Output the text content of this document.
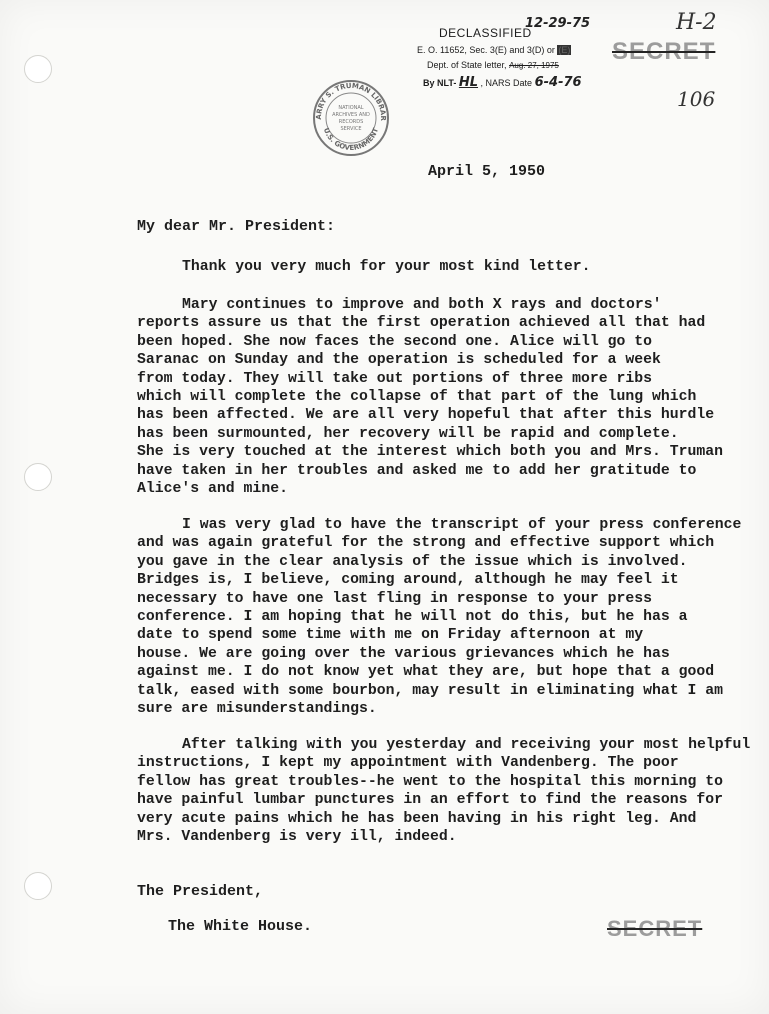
DECLASSIFIED
E. O. 11652, Sec. 3(E) and 3(D) or (E)
Dept. of State letter, Aug. 27, 1975
12-29-75
By NLT- HL , NARS Date 6-4-76
SECRET
H-2
106
ARRY S. TRUMAN LIBRAR
U.S. GOVERNMENT
NATIONAL
ARCHIVES AND
RECORDS
SERVICE
April 5, 1950
My dear Mr. President:

Thank you very much for your most kind letter.

Mary continues to improve and both X rays and doctors'

reports assure us that the first operation achieved all that had

been hoped. She now faces the second one. Alice will go to

Saranac on Sunday and the operation is scheduled for a week

from today. They will take out portions of three more ribs

which will complete the collapse of that part of the lung which

has been affected. We are all very hopeful that after this hurdle

has been surmounted, her recovery will be rapid and complete.

She is very touched at the interest which both you and Mrs. Truman

have taken in her troubles and asked me to add her gratitude to

Alice's and mine.

I was very glad to have the transcript of your press conference

and was again grateful for the strong and effective support which

you gave in the clear analysis of the issue which is involved.

Bridges is, I believe, coming around, although he may feel it

necessary to have one last fling in response to your press

conference. I am hoping that he will not do this, but he has a

date to spend some time with me on Friday afternoon at my

house. We are going over the various grievances which he has

against me. I do not know yet what they are, but hope that a good

talk, eased with some bourbon, may result in eliminating what I am

sure are misunderstandings.

After talking with you yesterday and receiving your most helpful

instructions, I kept my appointment with Vandenberg. The poor

fellow has great troubles--he went to the hospital this morning to

have painful lumbar punctures in an effort to find the reasons for

very acute pains which he has been having in his right leg. And

Mrs. Vandenberg is very ill, indeed.

The President,
The White House.	SECRET
